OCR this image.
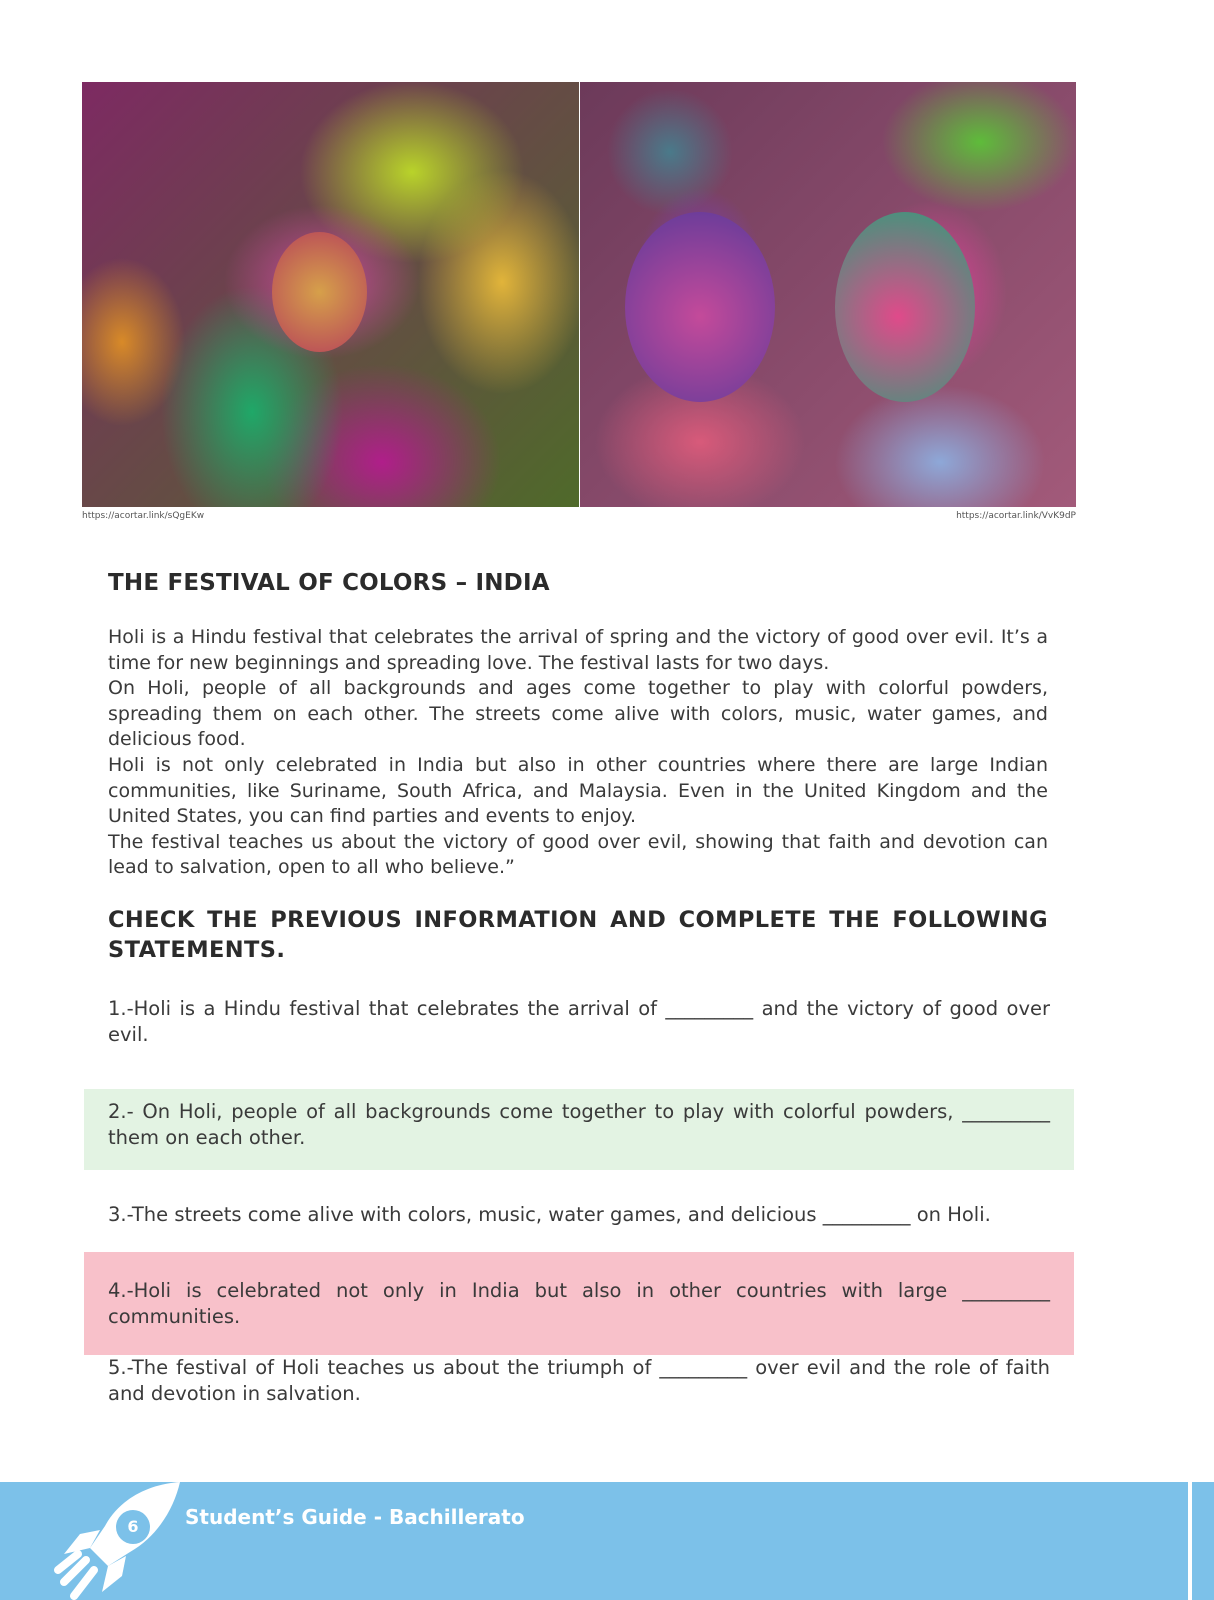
https://acortar.link/sQgEKw	https://acortar.link/VvK9dP
THE FESTIVAL OF COLORS – INDIA

Holi is a Hindu festival that celebrates the arrival of spring and the victory of good over evil. It’s a time for new beginnings and spreading love. The festival lasts for two days.

On Holi, people of all backgrounds and ages come together to play with colorful powders, spreading them on each other. The streets come alive with colors, music, water games, and delicious food.

Holi is not only celebrated in India but also in other countries where there are large Indian communities, like Suriname, South Africa, and Malaysia. Even in the United Kingdom and the United States, you can find parties and events to enjoy.

The festival teaches us about the victory of good over evil, showing that faith and devotion can lead to salvation, open to all who believe.”

CHECK THE PREVIOUS INFORMATION AND COMPLETE THE FOLLOWING STATEMENTS.
1.-Holi is a Hindu festival that celebrates the arrival of _________ and the victory of good over evil.
2.- On Holi, people of all backgrounds come together to play with colorful powders, _________ them on each other.
3.-The streets come alive with colors, music, water games, and delicious _________ on Holi.
4.-Holi is celebrated not only in India but also in other countries with large _________ communities.
5.-The festival of Holi teaches us about the triumph of _________ over evil and the role of faith and devotion in salvation.
6	Student’s Guide - Bachillerato
